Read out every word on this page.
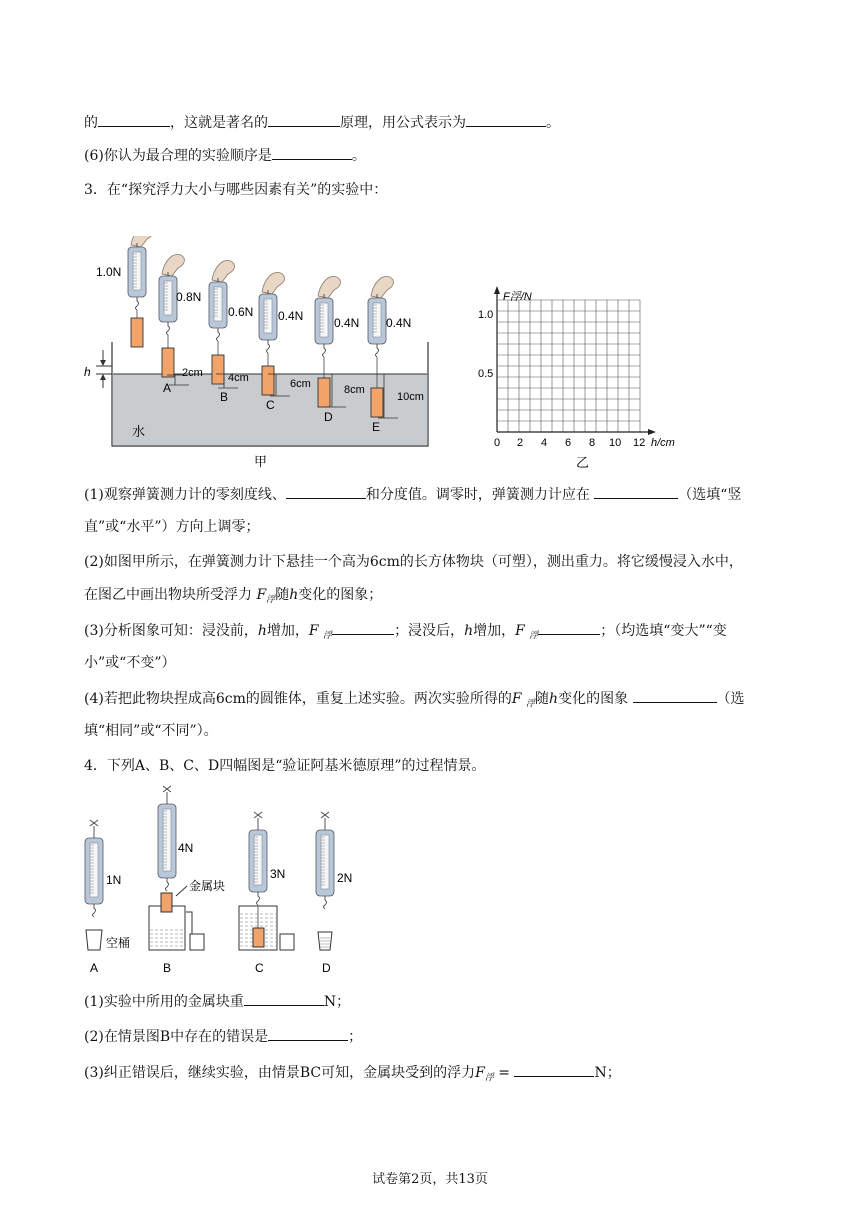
的	，这就是著名的	原理，用公式表示为	。
(6)你认为最合理的实验顺序是	。
3．在“探究浮力大小与哪些因素有关”的实验中：
水
h
1.0N
0.8N
0.6N 0.4N	0.4N 0.4N
A
2cm
B
4cm
C
6cm
D
8cm
E
10cm
甲
F浮/N
1.0
0.5
0 2 4 6 8 10 12 h/cm
乙
(1)观察弹簧测力计的零刻度线、	和分度值。调零时，弹簧测力计应在	（选填“竖
直”或“水平”）方向上调零；
(2)如图甲所示，在弹簧测力计下悬挂一个高为6cm的长方体物块（可塑），测出重力。将它缓慢浸入水中，
在图乙中画出物块所受浮力 $F_浮$随h变化的图象；
(3)分析图象可知：浸没前，h增加，F $_浮$	；浸没后，h增加，F $_浮$	；（均选填“变大”“变
小”或“不变”）
(4)若把此物块捏成高6cm的圆锥体，重复上述实验。两次实验所得的F $_浮$随h变化的图象	（选
填“相同”或“不同”）。
4．下列A、B、C、D四幅图是“验证阿基米德原理”的过程情景。
1N
4N
3N	2N
A	B	C	D
金属块
空桶
(1)实验中所用的金属块重	N；
(2)在情景图B中存在的错误是	；
(3)纠正错误后，继续实验，由情景BC可知，金属块受到的浮力$F_浮$ =	N；
试卷第2页，共13页
